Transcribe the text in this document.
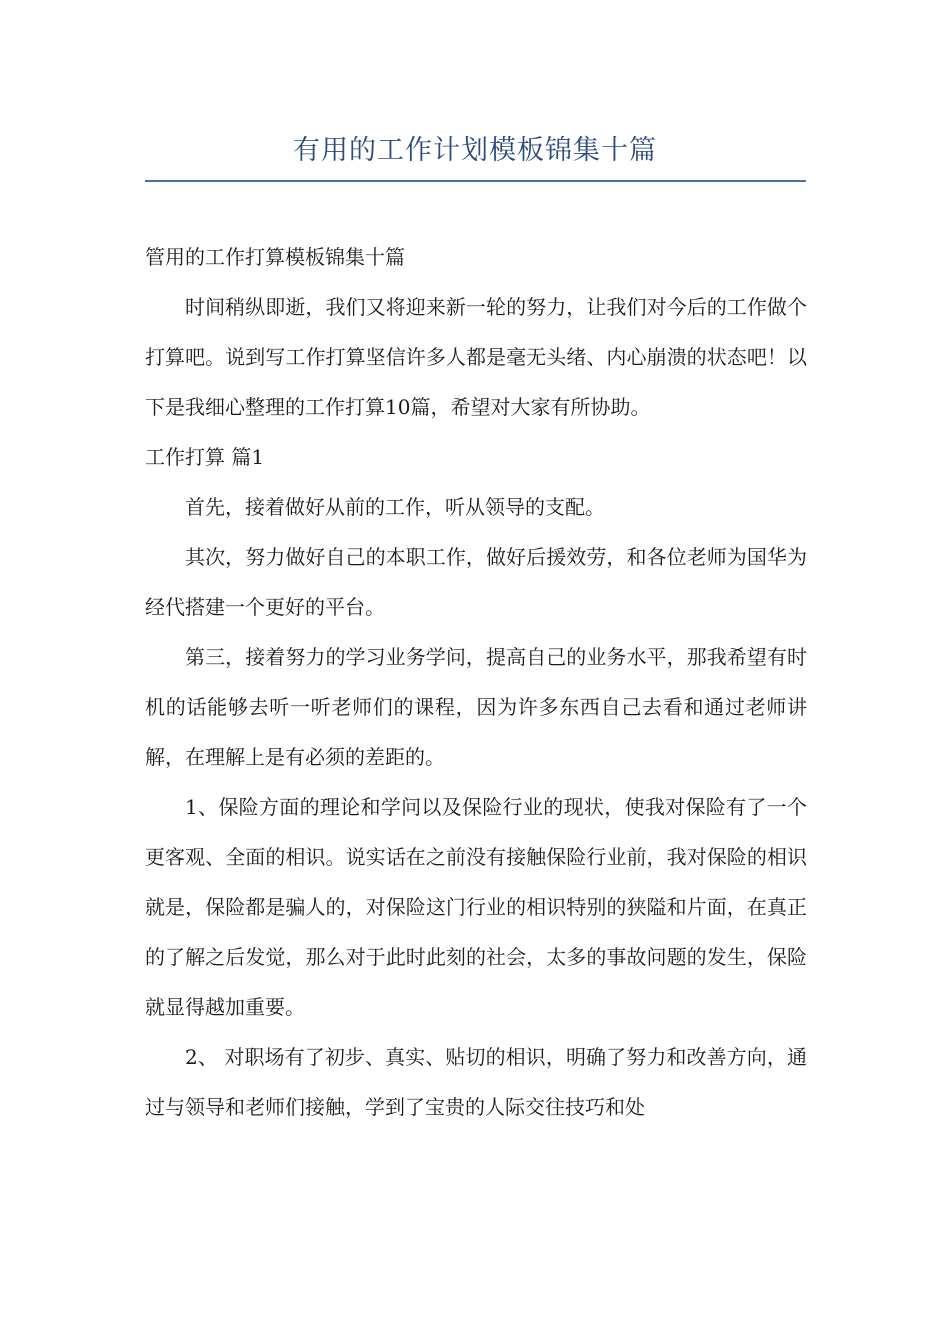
有用的工作计划模板锦集十篇

管用的工作打算模板锦集十篇

时间稍纵即逝，我们又将迎来新一轮的努力，让我们对今后的工作做个打算吧。说到写工作打算坚信许多人都是毫无头绪、内心崩溃的状态吧！以下是我细心整理的工作打算10篇，希望对大家有所协助。

工作打算 篇1

首先，接着做好从前的工作，听从领导的支配。

其次，努力做好自己的本职工作，做好后援效劳，和各位老师为国华为经代搭建一个更好的平台。

第三，接着努力的学习业务学问，提高自己的业务水平，那我希望有时机的话能够去听一听老师们的课程，因为许多东西自己去看和通过老师讲解，在理解上是有必须的差距的。

1、保险方面的理论和学问以及保险行业的现状，使我对保险有了一个更客观、全面的相识。说实话在之前没有接触保险行业前，我对保险的相识就是，保险都是骗人的，对保险这门行业的相识特别的狭隘和片面，在真正的了解之后发觉，那么对于此时此刻的社会，太多的事故问题的发生，保险就显得越加重要。

2、 对职场有了初步、真实、贴切的相识，明确了努力和改善方向，通过与领导和老师们接触，学到了宝贵的人际交往技巧和处
